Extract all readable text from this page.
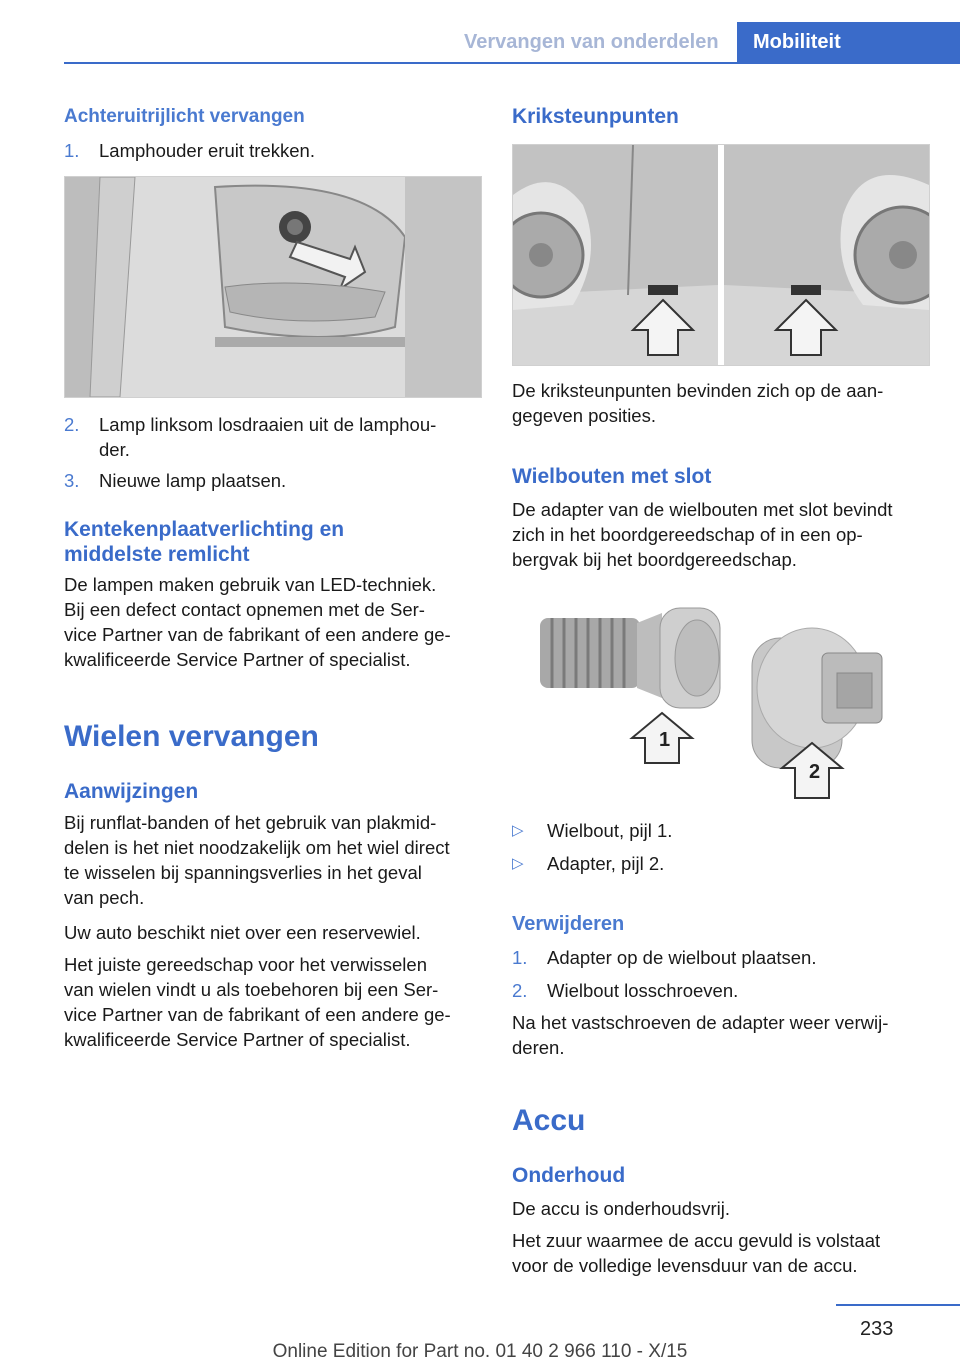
Vervangen van onderdelen	Mobiliteit
Achteruitrijlicht vervangen
1. Lamphouder eruit trekken.
2. Lamp linksom losdraaien uit de lamphou-
der.
3. Nieuwe lamp plaatsen.
Kentekenplaatverlichting en
middelste remlicht
De lampen maken gebruik van LED-techniek.
Bij een defect contact opnemen met de Ser-
vice Partner van de fabrikant of een andere ge-
kwalificeerde Service Partner of specialist.
Wielen vervangen
Aanwijzingen
Bij runflat-banden of het gebruik van plakmid-
delen is het niet noodzakelijk om het wiel direct
te wisselen bij spanningsverlies in het geval
van pech.
Uw auto beschikt niet over een reservewiel.
Het juiste gereedschap voor het verwisselen
van wielen vindt u als toebehoren bij een Ser-
vice Partner van de fabrikant of een andere ge-
kwalificeerde Service Partner of specialist.
Kriksteunpunten
De kriksteunpunten bevinden zich op de aan-
gegeven posities.
Wielbouten met slot
De adapter van de wielbouten met slot bevindt
zich in het boordgereedschap of in een op-
bergvak bij het boordgereedschap.
1
2
▷ Wielbout, pijl 1.
▷ Adapter, pijl 2.
Verwijderen
1. Adapter op de wielbout plaatsen.
2. Wielbout losschroeven.
Na het vastschroeven de adapter weer verwij-
deren.
Accu
Onderhoud
De accu is onderhoudsvrij.
Het zuur waarmee de accu gevuld is volstaat
voor de volledige levensduur van de accu.
233
Online Edition for Part no. 01 40 2 966 110 - X/15
